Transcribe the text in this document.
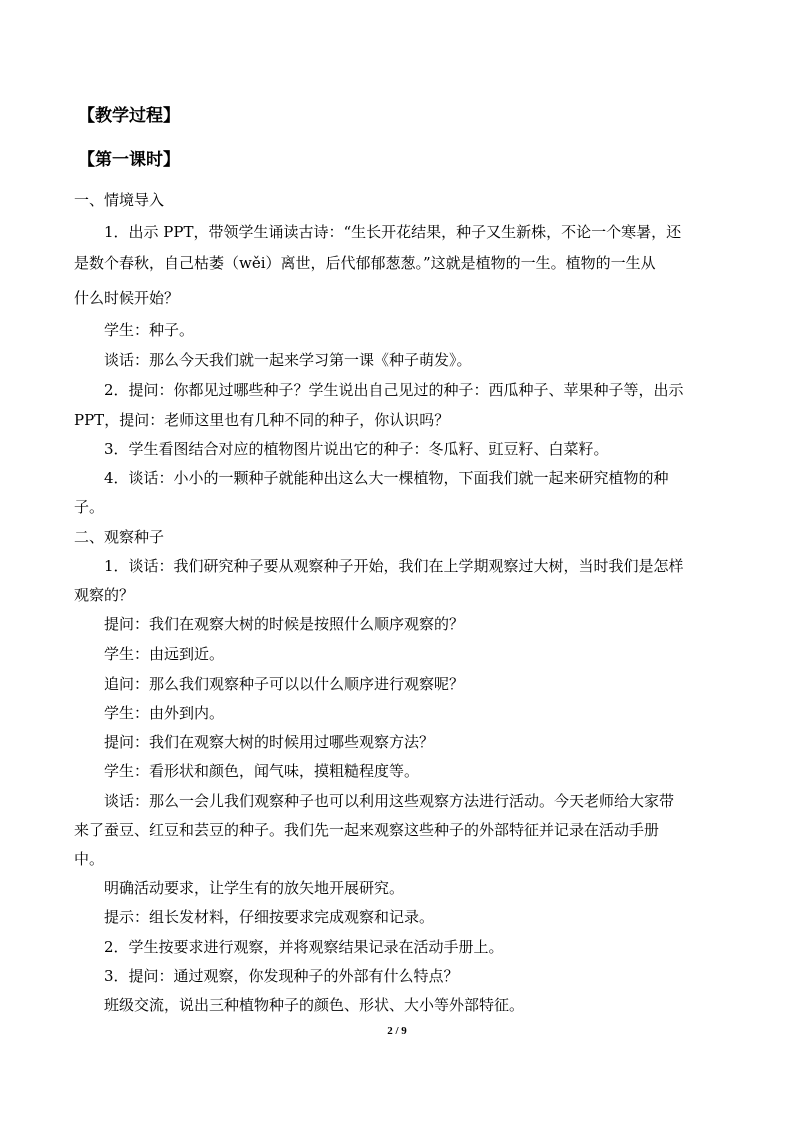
【教学过程】
【第一课时】
一、情境导入
1．出示 PPT，带领学生诵读古诗：“生长开花结果，种子又生新株，不论一个寒暑，还
是数个春秋，自己枯萎（wěi）离世，后代郁郁葱葱。”这就是植物的一生。植物的一生从
什么时候开始？
学生：种子。
谈话：那么今天我们就一起来学习第一课《种子萌发》。
2．提问：你都见过哪些种子？学生说出自己见过的种子：西瓜种子、苹果种子等，出示
PPT，提问：老师这里也有几种不同的种子，你认识吗？
3．学生看图结合对应的植物图片说出它的种子：冬瓜籽、豇豆籽、白菜籽。
4．谈话：小小的一颗种子就能种出这么大一棵植物，下面我们就一起来研究植物的种
子。
二、观察种子
1．谈话：我们研究种子要从观察种子开始，我们在上学期观察过大树，当时我们是怎样
观察的？
提问：我们在观察大树的时候是按照什么顺序观察的？
学生：由远到近。
追问：那么我们观察种子可以以什么顺序进行观察呢？
学生：由外到内。
提问：我们在观察大树的时候用过哪些观察方法？
学生：看形状和颜色，闻气味，摸粗糙程度等。
谈话：那么一会儿我们观察种子也可以利用这些观察方法进行活动。今天老师给大家带
来了蚕豆、红豆和芸豆的种子。我们先一起来观察这些种子的外部特征并记录在活动手册
中。
明确活动要求，让学生有的放矢地开展研究。
提示：组长发材料，仔细按要求完成观察和记录。
2．学生按要求进行观察，并将观察结果记录在活动手册上。
3．提问：通过观察，你发现种子的外部有什么特点？
班级交流，说出三种植物种子的颜色、形状、大小等外部特征。
2 / 9
